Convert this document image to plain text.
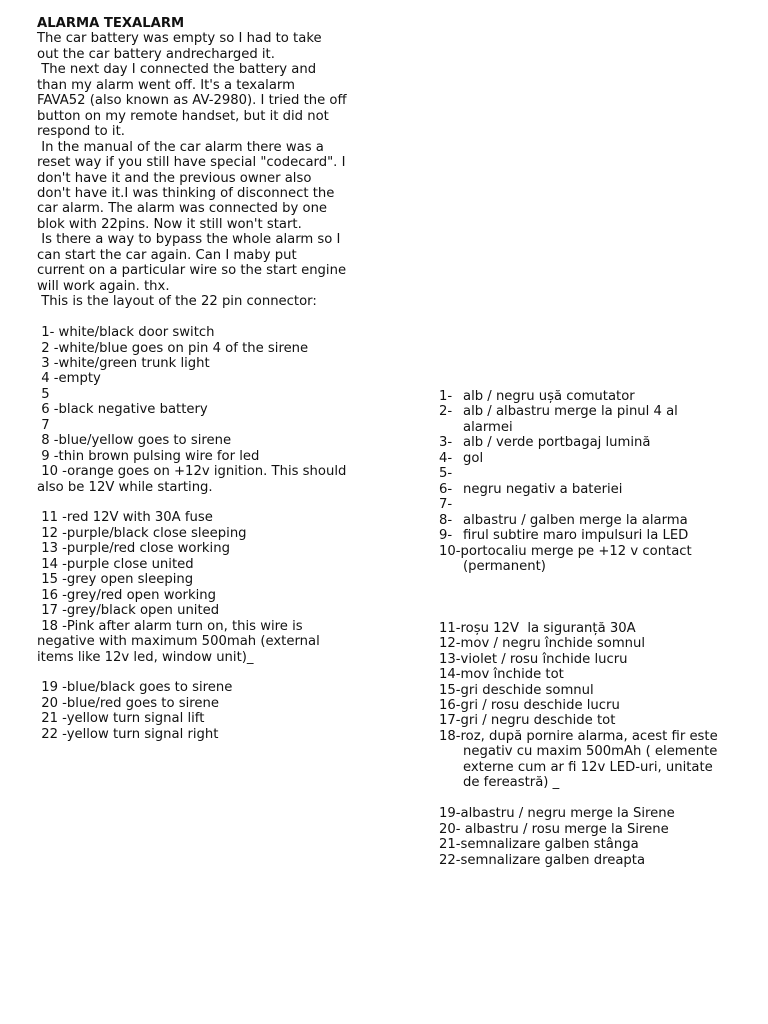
ALARMA TEXALARM
The car battery was empty so I had to take
out the car battery andrecharged it.
The next day I connected the battery and
than my alarm went off. It's a texalarm
FAVA52 (also known as AV-2980). I tried the off
button on my remote handset, but it did not
respond to it.
In the manual of the car alarm there was a
reset way if you still have special "codecard". I
don't have it and the previous owner also
don't have it.I was thinking of disconnect the
car alarm. The alarm was connected by one
blok with 22pins. Now it still won't start.
Is there a way to bypass the whole alarm so I
can start the car again. Can I maby put
current on a particular wire so the start engine
will work again. thx.
This is the layout of the 22 pin connector:
1- white/black door switch
2 -white/blue goes on pin 4 of the sirene
3 -white/green trunk light
4 -empty
5
6 -black negative battery
7
8 -blue/yellow goes to sirene
9 -thin brown pulsing wire for led
10 -orange goes on +12v ignition. This should
also be 12V while starting.
11 -red 12V with 30A fuse
12 -purple/black close sleeping
13 -purple/red close working
14 -purple close united
15 -grey open sleeping
16 -grey/red open working
17 -grey/black open united
18 -Pink after alarm turn on, this wire is
negative with maximum 500mah (external
items like 12v led, window unit)_
19 -blue/black goes to sirene
20 -blue/red goes to sirene
21 -yellow turn signal lift
22 -yellow turn signal right
1- alb / negru ușă comutator
2- alb / albastru merge la pinul 4 al
alarmei
3- alb / verde portbagaj lumină
4- gol
5-
6- negru negativ a bateriei
7-
8- albastru / galben merge la alarma
9- firul subtire maro impulsuri la LED
10- portocaliu merge pe +12 v contact
(permanent)
11- roșu 12V  la siguranță 30A
12- mov / negru închide somnul
13- violet / rosu închide lucru
14- mov închide tot
15- gri deschide somnul
16- gri / rosu deschide lucru
17- gri / negru deschide tot
18- roz, după pornire alarma, acest fir este
negativ cu maxim 500mAh ( elemente
externe cum ar fi 12v LED-uri, unitate
de fereastră) _
19- albastru / negru merge la Sirene
20- albastru / rosu merge la Sirene
21- semnalizare galben stânga
22- semnalizare galben dreapta
